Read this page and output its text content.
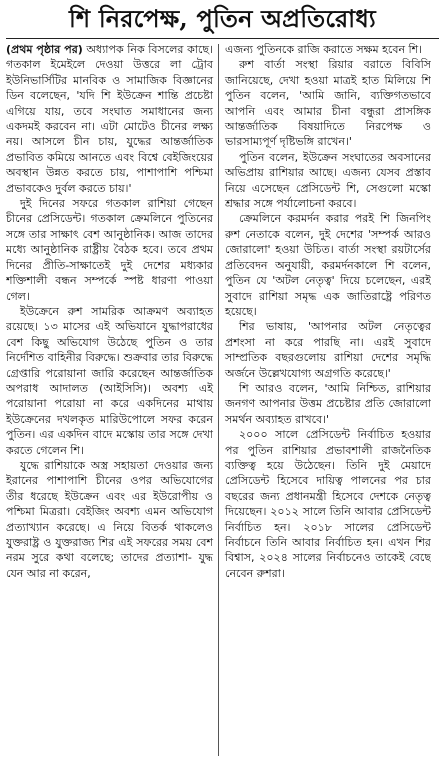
শি নিরপেক্ষ, পুতিন অপ্রতিরোধ্য

(প্রথম পৃষ্ঠার পর) অধ্যাপক নিক বিসলের কাছে। গতকাল ইমেইলে দেওয়া উত্তরে লা ট্রোব ইউনিভার্সিটির মানবিক ও সামাজিক বিজ্ঞানের ডিন বলেছেন, 'যদি শি ইউক্রেন শান্তি প্রচেষ্টা এগিয়ে যায়, তবে সংঘাত সমাধানের জন্য একদমই করবেন না। এটা মোটেও চীনের লক্ষ্য নয়। আসলে চীন চায়, যুদ্ধের আন্তর্জাতিক প্রভাবিত কমিয়ে আনতে এবং বিশ্বে বেইজিংয়ের অবস্থান উন্নত করতে চায়, পাশাপাশি পশ্চিমা প্রভাবকেও দুর্বল করতে চায়।'

দুই দিনের সফরে গতকাল রাশিয়া গেছেন চীনের প্রেসিডেন্ট। গতকাল ক্রেমলিনে পুতিনের সঙ্গে তার সাক্ষাৎ বেশ আনুষ্ঠানিক। আজ তাদের মধ্যে আনুষ্ঠানিক রাষ্ট্রীয় বৈঠক হবে। তবে প্রথম দিনের প্রীতি-সাক্ষাতেই দুই দেশের মধ্যকার শক্তিশালী বন্ধন সম্পর্কে স্পষ্ট ধারণা পাওয়া গেল।

ইউক্রেনে রুশ সামরিক আক্রমণ অব্যাহত রয়েছে। ১৩ মাসের এই অভিযানে যুদ্ধাপরাধের বেশ কিছু অভিযোগ উঠেছে পুতিন ও তার নির্দেশিত বাহিনীর বিরুদ্ধে। শুক্রবার তার বিরুদ্ধে গ্রেপ্তারি পরোয়ানা জারি করেছেন আন্তর্জাতিক অপরাধ আদালত (আইসিসি)। অবশ্য এই পরোয়ানা পরোয়া না করে একদিনের মাথায় ইউক্রেনের দখলকৃত মারিউপোলে সফর করেন পুতিন। এর একদিন বাদে মস্কোয় তার সঙ্গে দেখা করতে গেলেন শি।

যুদ্ধে রাশিয়াকে অস্ত্র সহায়তা দেওয়ার জন্য ইরানের পাশাপাশি চীনের ওপর অভিযোগের তীর ধরেছে ইউক্রেন এবং এর ইউরোপীয় ও পশ্চিমা মিত্ররা। বেইজিং অবশ্য এমন অভিযোগ প্রত্যাখ্যান করেছে। এ নিয়ে বিতর্ক থাকলেও যুক্তরাষ্ট্র ও যুক্তরাজ্য শির এই সফরের সময় বেশ নরম সুরে কথা বলেছে; তাদের প্রত্যাশা- যুদ্ধ যেন আর না করেন,

এজন্য পুতিনকে রাজি করাতে সক্ষম হবেন শি।

রুশ বার্তা সংস্থা রিয়ার বরাতে বিবিসি জানিয়েছে, দেখা হওয়া মাত্রই হাত মিলিয়ে শি পুতিন বলেন, 'আমি জানি, ব্যক্তিগতভাবে আপনি এবং আমার চীনা বন্ধুরা প্রাসঙ্গিক আন্তর্জাতিক বিষয়াদিতে নিরপেক্ষ ও ভারসাম্যপূর্ণ দৃষ্টিভঙ্গি রাখেন।'

পুতিন বলেন, ইউক্রেন সংঘাতের অবসানের অভিপ্রায় রাশিয়ার আছে। এজন্য যেসব প্রস্তাব নিয়ে এসেছেন প্রেসিডেন্ট শি, সেগুলো মস্কো শ্রদ্ধার সঙ্গে পর্যালোচনা করবে।

ক্রেমলিনে করমর্দন করার পরই শি জিনপিং রুশ নেতাকে বলেন, দুই দেশের 'সম্পর্ক আরও জোরালো' হওয়া উচিত। বার্তা সংস্থা রয়টার্সের প্রতিবেদন অনুযায়ী, করমর্দনকালে শি বলেন, পুতিন যে 'অটল নেতৃত্ব' দিয়ে চলেছেন, এরই সুবাদে রাশিয়া সমৃদ্ধ এক জাতিরাষ্ট্রে পরিণত হয়েছে।

শির ভাষায়, 'আপনার অটল নেতৃত্বের প্রশংসা না করে পারছি না। এরই সুবাদে সাম্প্রতিক বছরগুলোয় রাশিয়া দেশের সমৃদ্ধি অর্জনে উল্লেখযোগ্য অগ্রগতি করেছে।'

শি আরও বলেন, 'আমি নিশ্চিত, রাশিয়ার জনগণ আপনার উত্তম প্রচেষ্টার প্রতি জোরালো সমর্থন অব্যাহত রাখবে।'

২০০০ সালে প্রেসিডেন্ট নির্বাচিত হওয়ার পর পুতিন রাশিয়ার প্রভাবশালী রাজনৈতিক ব্যক্তিত্ব হয়ে উঠেছেন। তিনি দুই মেয়াদে প্রেসিডেন্ট হিসেবে দায়িত্ব পালনের পর চার বছরের জন্য প্রধানমন্ত্রী হিসেবে দেশকে নেতৃত্ব দিয়েছেন। ২০১২ সালে তিনি আবার প্রেসিডেন্ট নির্বাচিত হন। ২০১৮ সালের প্রেসিডেন্ট নির্বাচনে তিনি আবার নির্বাচিত হন। এখন শির বিশ্বাস, ২০২৪ সালের নির্বাচনেও তাকেই বেছে নেবেন রুশরা।
